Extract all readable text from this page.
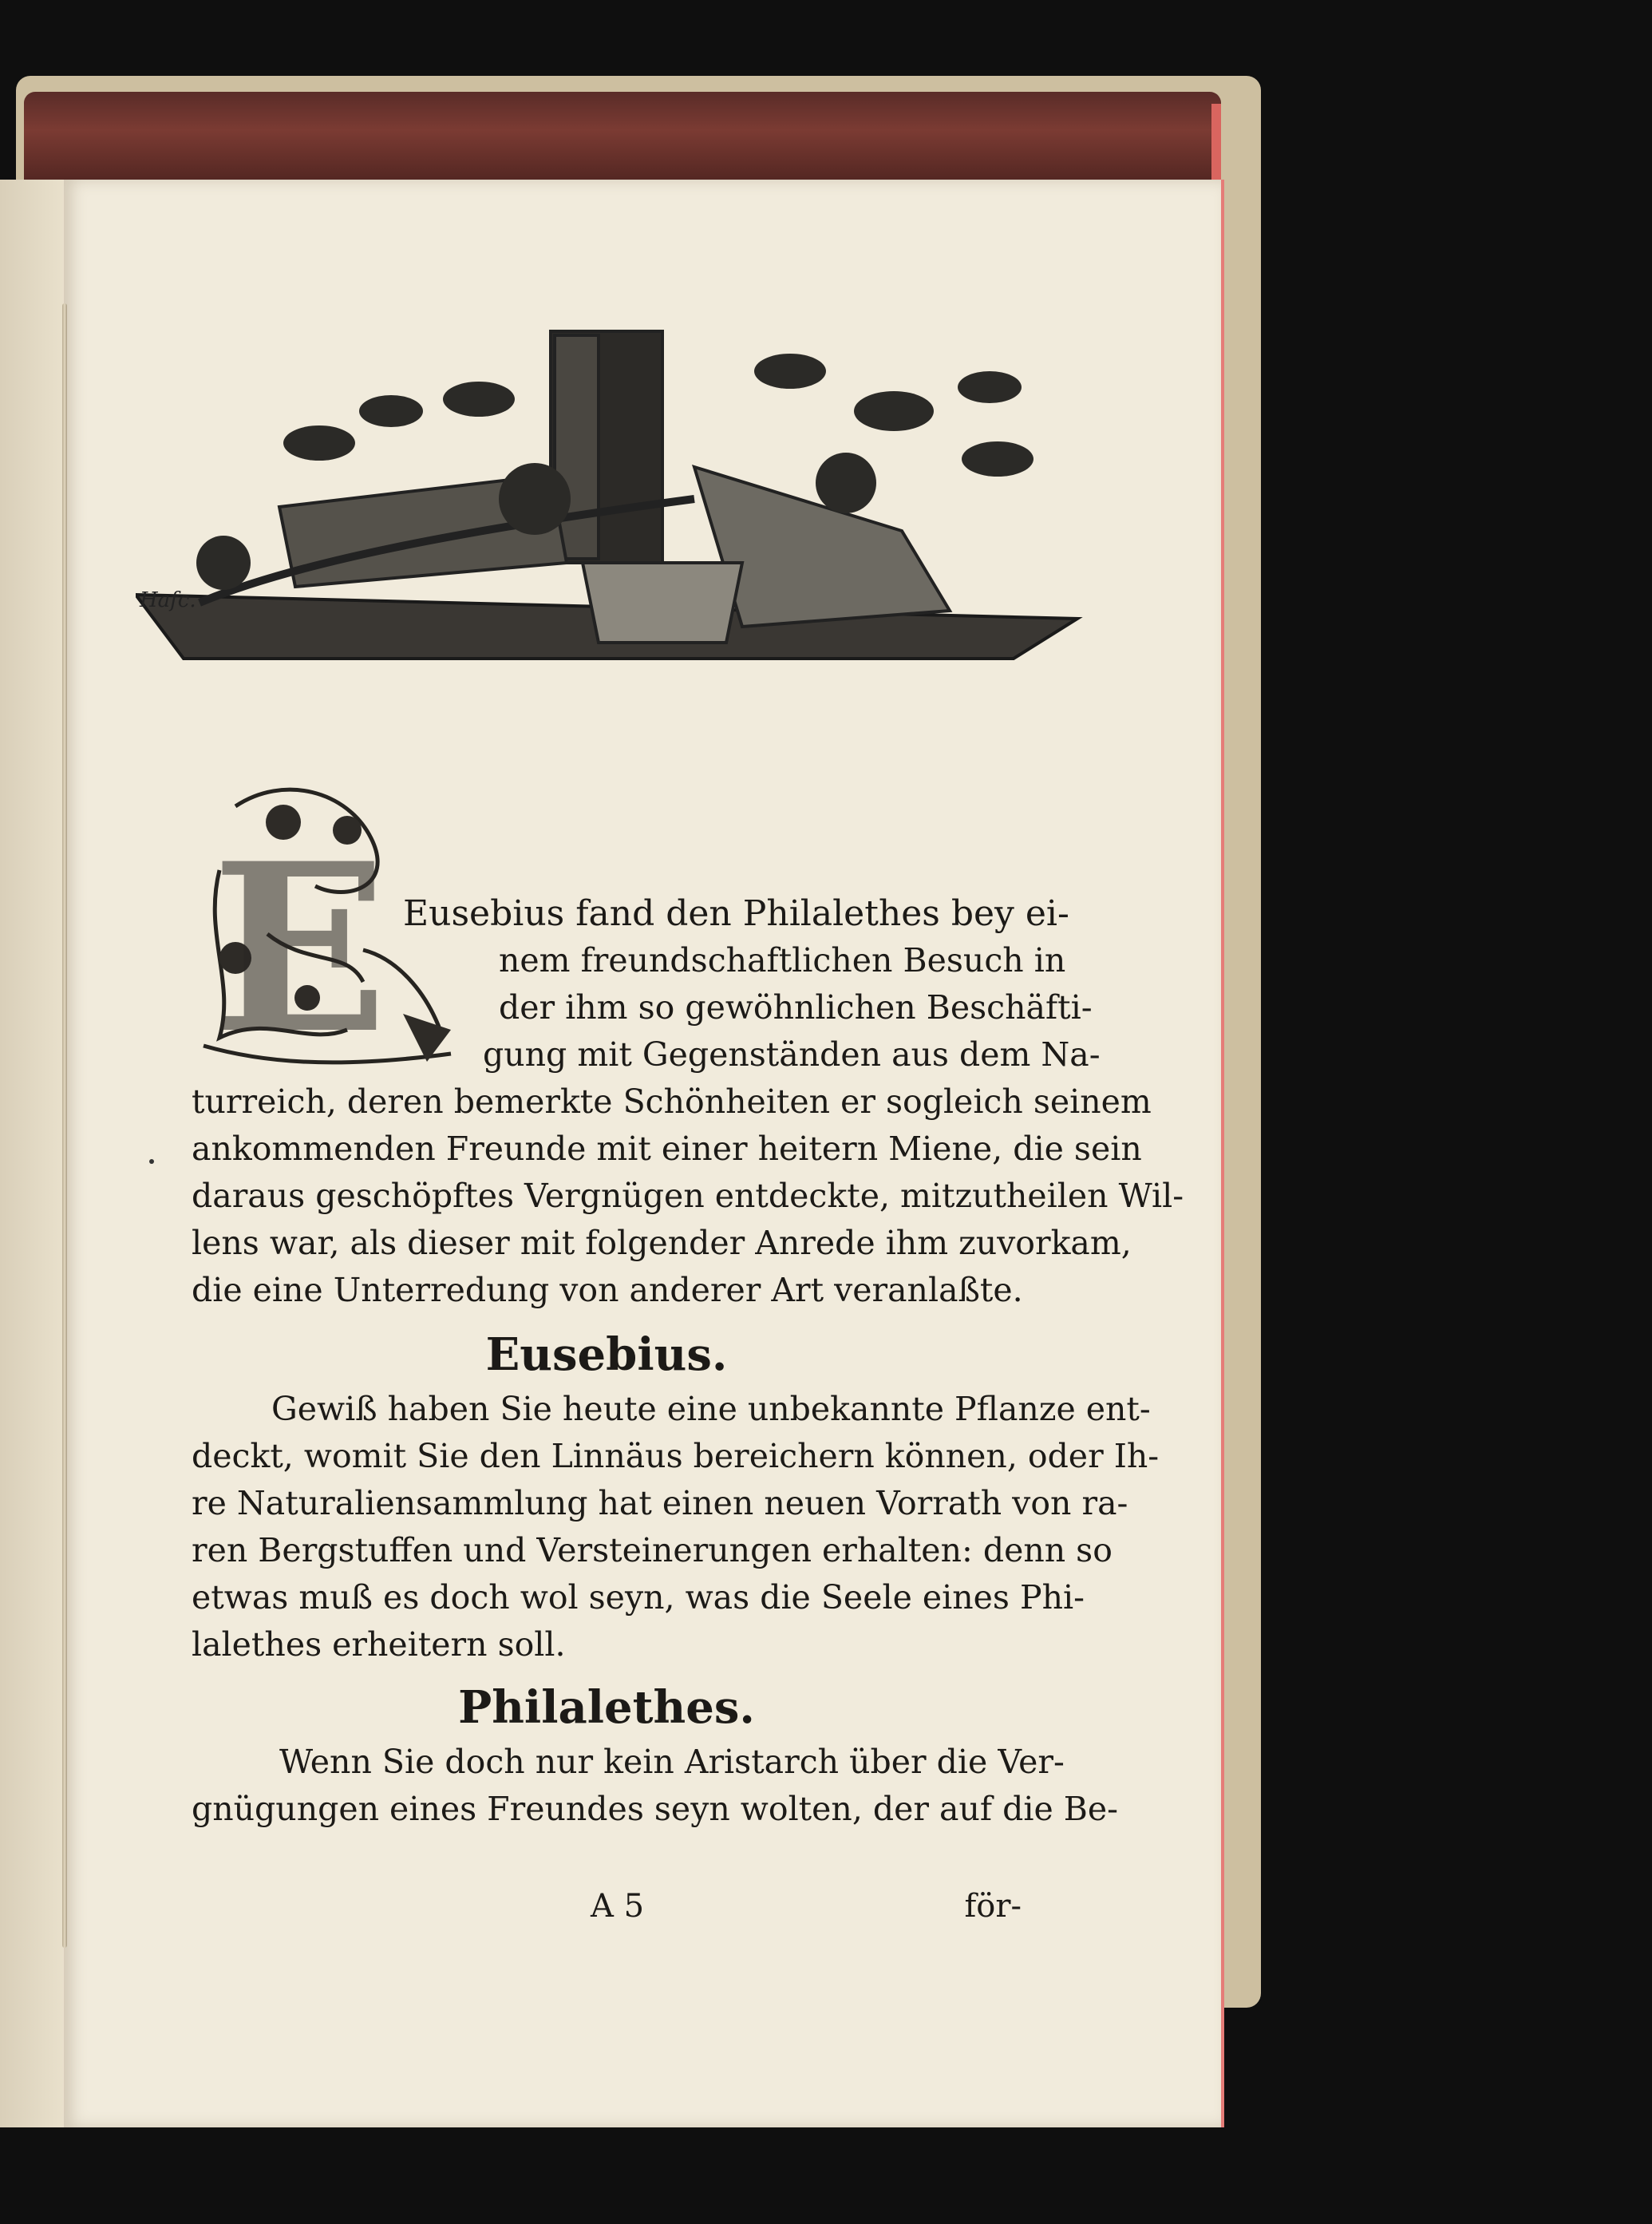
Hafc.
E Eusebius fand den Philalethes bey ei-
nem freundschaftlichen Besuch in
der ihm so gewöhnlichen Beschäfti-
gung mit Gegenständen aus dem Na-
turreich, deren bemerkte Schönheiten er sogleich seinem
ankommenden Freunde mit einer heitern Miene, die sein
daraus geschöpftes Vergnügen entdeckte, mitzutheilen Wil-
lens war, als dieser mit folgender Anrede ihm zuvorkam,
die eine Unterredung von anderer Art veranlaßte.
Eusebius.
Gewiß haben Sie heute eine unbekannte Pflanze ent-
deckt, womit Sie den Linnäus bereichern können, oder Ih-
re Naturaliensammlung hat einen neuen Vorrath von ra-
ren Bergstuffen und Versteinerungen erhalten: denn so
etwas muß es doch wol seyn, was die Seele eines Phi-
lalethes erheitern soll.
Philalethes.
Wenn Sie doch nur kein Aristarch über die Ver-
gnügungen eines Freundes seyn wolten, der auf die Be-
A 5	för-
